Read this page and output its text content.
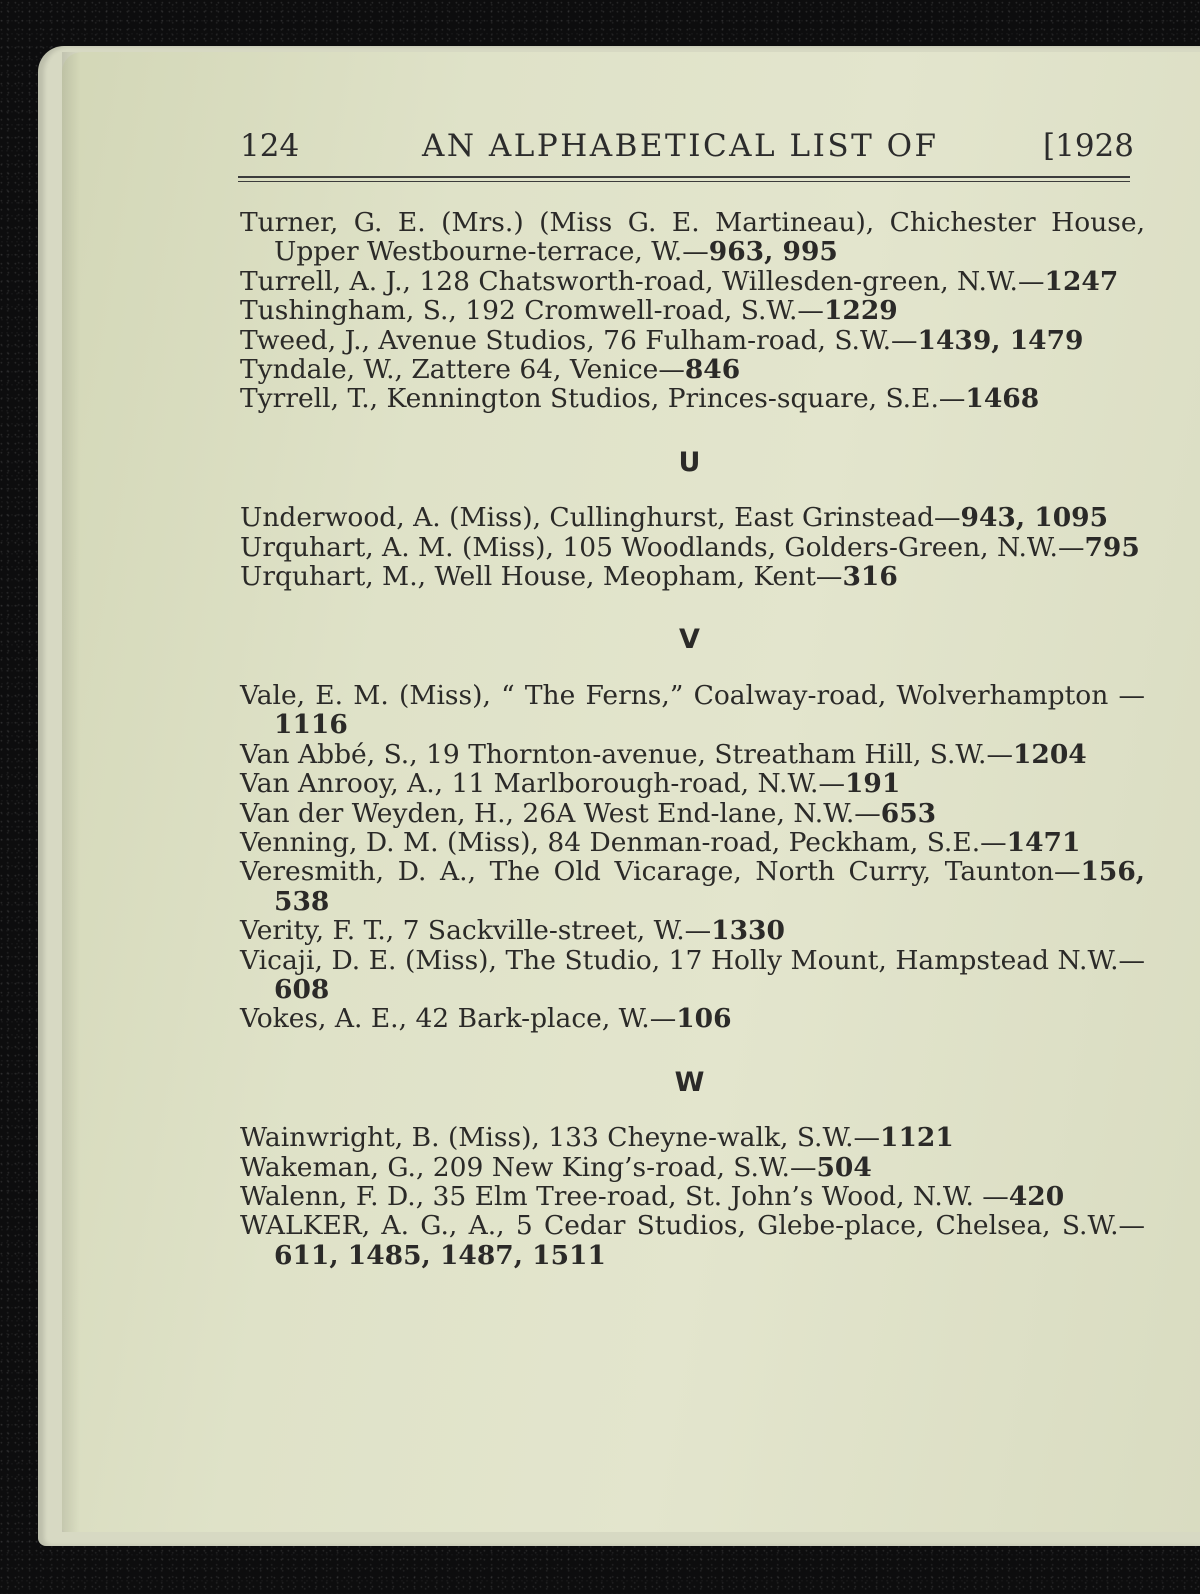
124	AN ALPHABETICAL LIST OF	[1928

Turner, G. E. (Mrs.) (Miss G. E. Martineau), Chichester House, Upper Westbourne-terrace, W.—963, 995

Turrell, A. J., 128 Chatsworth-road, Willesden-green, N.W.—1247

Tushingham, S., 192 Cromwell-road, S.W.—1229

Tweed, J., Avenue Studios, 76 Fulham-road, S.W.—1439, 1479

Tyndale, W., Zattere 64, Venice—846

Tyrrell, T., Kennington Studios, Princes-square, S.E.—1468

U

Underwood, A. (Miss), Cullinghurst, East Grinstead—943, 1095

Urquhart, A. M. (Miss), 105 Woodlands, Golders-Green, N.W.—795

Urquhart, M., Well House, Meopham, Kent—316

V

Vale, E. M. (Miss), “ The Ferns,” Coalway-road, Wolverhampton —1116

Van Abbé, S., 19 Thornton-avenue, Streatham Hill, S.W.—1204

Van Anrooy, A., 11 Marlborough-road, N.W.—191

Van der Weyden, H., 26A West End-lane, N.W.—653

Venning, D. M. (Miss), 84 Denman-road, Peckham, S.E.—1471

Veresmith, D. A., The Old Vicarage, North Curry, Taunton—156, 538

Verity, F. T., 7 Sackville-street, W.—1330

Vicaji, D. E. (Miss), The Studio, 17 Holly Mount, Hampstead N.W.—608

Vokes, A. E., 42 Bark-place, W.—106

W

Wainwright, B. (Miss), 133 Cheyne-walk, S.W.—1121

Wakeman, G., 209 New King’s-road, S.W.—504

Walenn, F. D., 35 Elm Tree-road, St. John’s Wood, N.W. —420

WALKER, A. G., A., 5 Cedar Studios, Glebe-place, Chelsea, S.W.—611, 1485, 1487, 1511
